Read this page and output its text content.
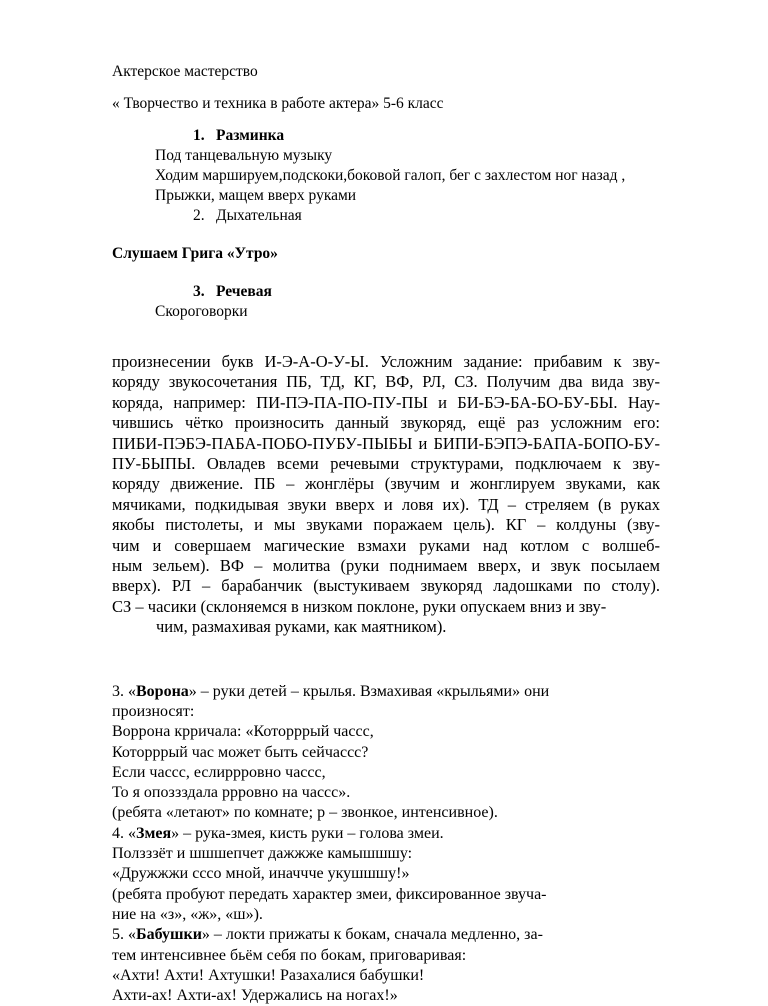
Актерское мастерство
« Творчество и техника в работе актера» 5-6 класс
1. Разминка
Под танцевальную музыку
Ходим маршируем,подскоки,боковой галоп, бег с захлестом ног назад ,
Прыжки, мащем вверх руками
2. Дыхательная
Слушаем Грига «Утро»
3. Речевая
Скороговорки
произнесении букв И-Э-А-О-У-Ы. Усложним задание: прибавим к зву-
коряду звукосочетания ПБ, ТД, КГ, ВФ, РЛ, СЗ. Получим два вида зву-
коряда, например: ПИ-ПЭ-ПА-ПО-ПУ-ПЫ и БИ-БЭ-БА-БО-БУ-БЫ. Нау-
чившись чётко произносить данный звукоряд, ещё раз усложним его:
ПИБИ-ПЭБЭ-ПАБА-ПОБО-ПУБУ-ПЫБЫ и БИПИ-БЭПЭ-БАПА-БОПО-БУ-
ПУ-БЫПЫ. Овладев всеми речевыми структурами, подключаем к зву-
коряду движение. ПБ – жонглёры (звучим и жонглируем звуками, как
мячиками, подкидывая звуки вверх и ловя их). ТД – стреляем (в руках
якобы пистолеты, и мы звуками поражаем цель). КГ – колдуны (зву-
чим и совершаем магические взмахи руками над котлом с волшеб-
ным зельем). ВФ – молитва (руки поднимаем вверх, и звук посылаем
вверх). РЛ – барабанчик (выстукиваем звукоряд ладошками по столу).
СЗ – часики (склоняемся в низком поклоне, руки опускаем вниз и зву-
чим, размахивая руками, как маятником).
3. «Ворона» – руки детей – крылья. Взмахивая «крыльями» они
произносят:
Воррона крричала: «Которррый чассс,
Которррый час может быть сейчассс?
Если чассс, еслиррровно чассс,
То я опоззздала ррровно на чассс».
(ребята «летают» по комнате; р – звонкое, интенсивное).
4. «Змея» – рука-змея, кисть руки – голова змеи.
Ползззёт и шшшепчет дажжже камышшшу:
«Дружжжи сссо мной, иначчче укушшшу!»
(ребята пробуют передать характер змеи, фиксированное звуча-
ние на «з», «ж», «ш»).
5. «Бабушки» – локти прижаты к бокам, сначала медленно, за-
тем интенсивнее бьём себя по бокам, приговаривая:
«Ахти! Ахти! Ахтушки! Разахалися бабушки!
Ахти-ах! Ахти-ах! Удержались на ногах!»
